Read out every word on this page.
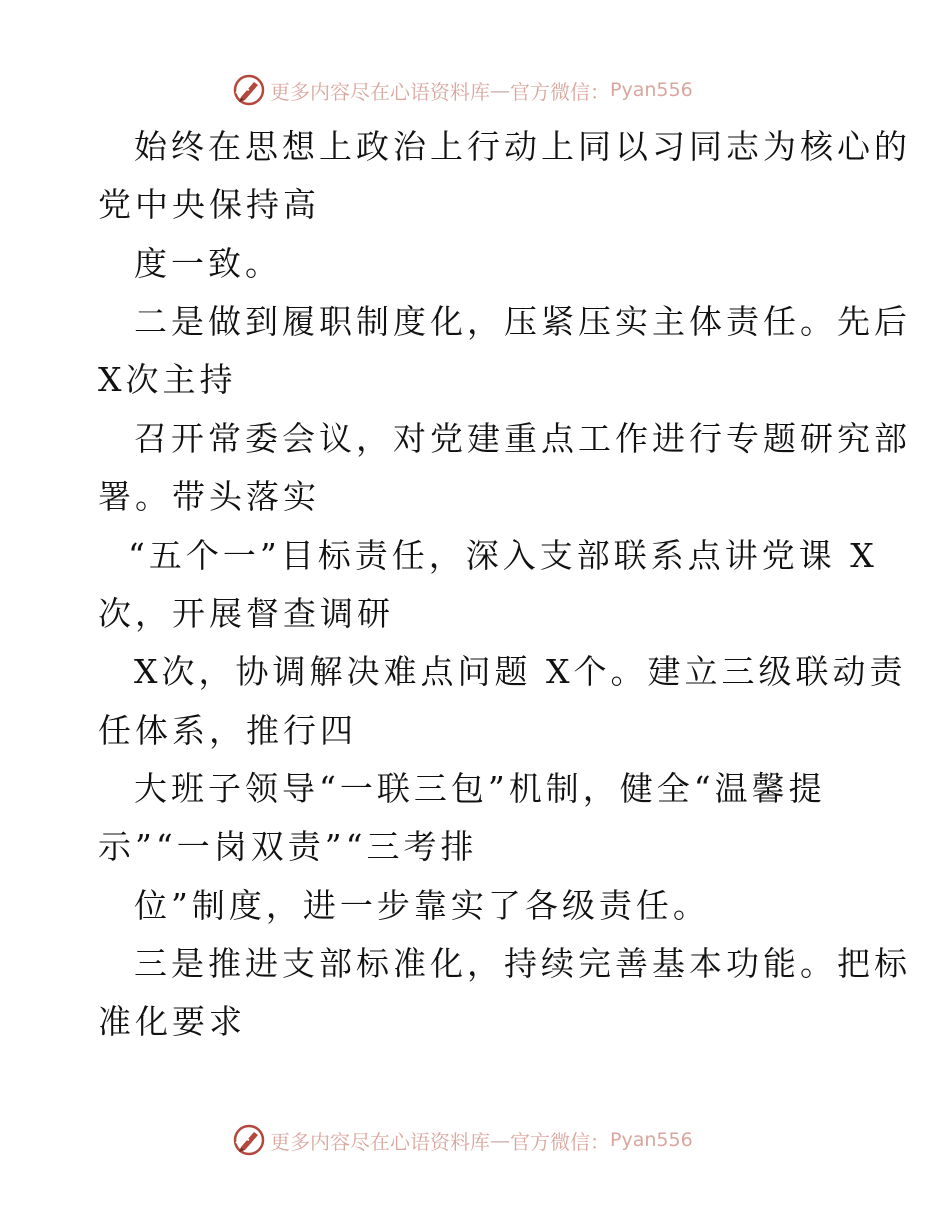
更多内容尽在心语资料库 — 官方微信： Pyan556

始终在思想上政治上行动上同以习同志为核心的

党中央保持高

度一致。

二是做到履职制度化，压紧压实主体责任。先后

X次主持

召开常委会议，对党建重点工作进行专题研究部

署。带头落实

“五个一”目标责任，深入支部联系点讲党课 X

次，开展督查调研

X次，协调解决难点问题 X个。建立三级联动责

任体系，推行四

大班子领导“一联三包”机制，健全“温馨提

示”“一岗双责”“三考排

位”制度，进一步靠实了各级责任。

三是推进支部标准化，持续完善基本功能。把标

准化要求

更多内容尽在心语资料库 — 官方微信： Pyan556
